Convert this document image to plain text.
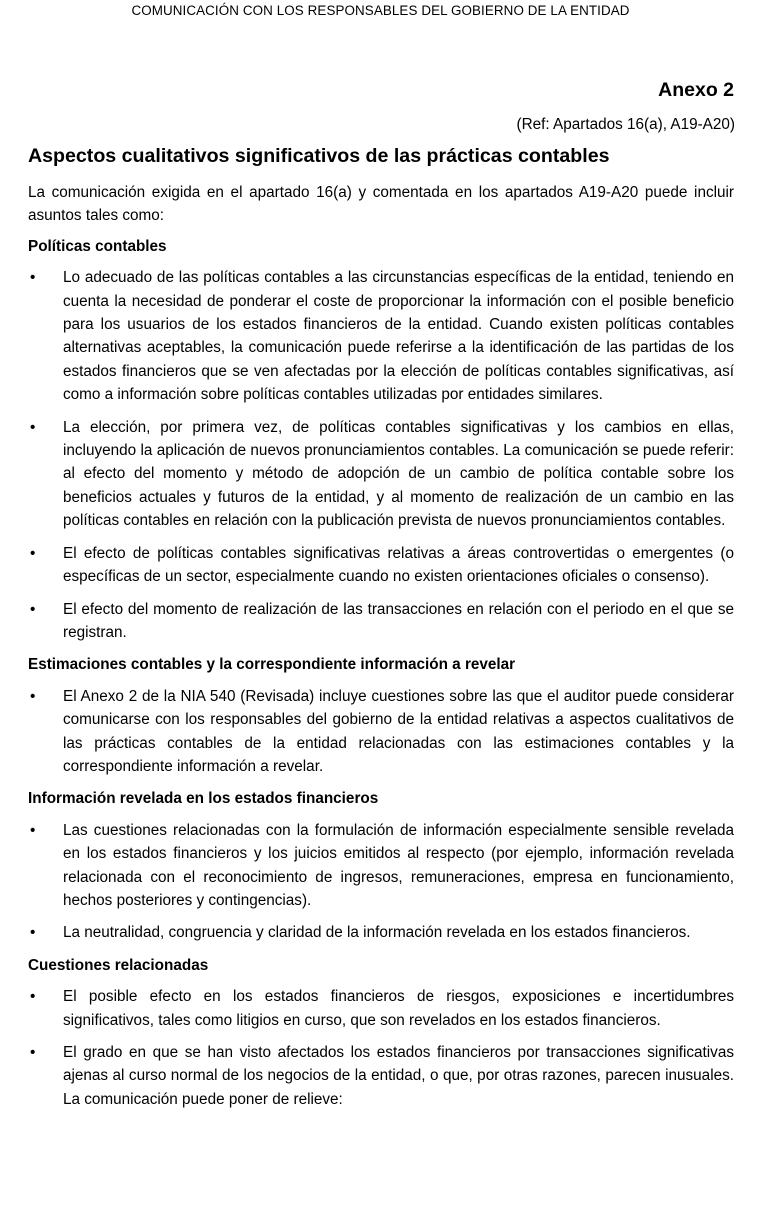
COMUNICACIÓN CON LOS RESPONSABLES DEL GOBIERNO DE LA ENTIDAD
Anexo 2
(Ref: Apartados 16(a), A19-A20)
Aspectos cualitativos significativos de las prácticas contables

La comunicación exigida en el apartado 16(a) y comentada en los apartados A19-A20 puede incluir asuntos tales como:

Políticas contables
• Lo adecuado de las políticas contables a las circunstancias específicas de la entidad, teniendo en cuenta la necesidad de ponderar el coste de proporcionar la información con el posible beneficio para los usuarios de los estados financieros de la entidad. Cuando existen políticas contables alternativas aceptables, la comunicación puede referirse a la identificación de las partidas de los estados financieros que se ven afectadas por la elección de políticas contables significativas, así como a información sobre políticas contables utilizadas por entidades similares.

• La elección, por primera vez, de políticas contables significativas y los cambios en ellas, incluyendo la aplicación de nuevos pronunciamientos contables. La comunicación se puede referir: al efecto del momento y método de adopción de un cambio de política contable sobre los beneficios actuales y futuros de la entidad, y al momento de realización de un cambio en las políticas contables en relación con la publicación prevista de nuevos pronunciamientos contables.

• El efecto de políticas contables significativas relativas a áreas controvertidas o emergentes (o específicas de un sector, especialmente cuando no existen orientaciones oficiales o consenso).

• El efecto del momento de realización de las transacciones en relación con el periodo en el que se registran.

Estimaciones contables y la correspondiente información a revelar
• El Anexo 2 de la NIA 540 (Revisada) incluye cuestiones sobre las que el auditor puede considerar comunicarse con los responsables del gobierno de la entidad relativas a aspectos cualitativos de las prácticas contables de la entidad relacionadas con las estimaciones contables y la correspondiente información a revelar.

Información revelada en los estados financieros
• Las cuestiones relacionadas con la formulación de información especialmente sensible revelada en los estados financieros y los juicios emitidos al respecto (por ejemplo, información revelada relacionada con el reconocimiento de ingresos, remuneraciones, empresa en funcionamiento, hechos posteriores y contingencias).

• La neutralidad, congruencia y claridad de la información revelada en los estados financieros.

Cuestiones relacionadas
• El posible efecto en los estados financieros de riesgos, exposiciones e incertidumbres significativos, tales como litigios en curso, que son revelados en los estados financieros.

• El grado en que se han visto afectados los estados financieros por transacciones significativas ajenas al curso normal de los negocios de la entidad, o que, por otras razones, parecen inusuales. La comunicación puede poner de relieve:
